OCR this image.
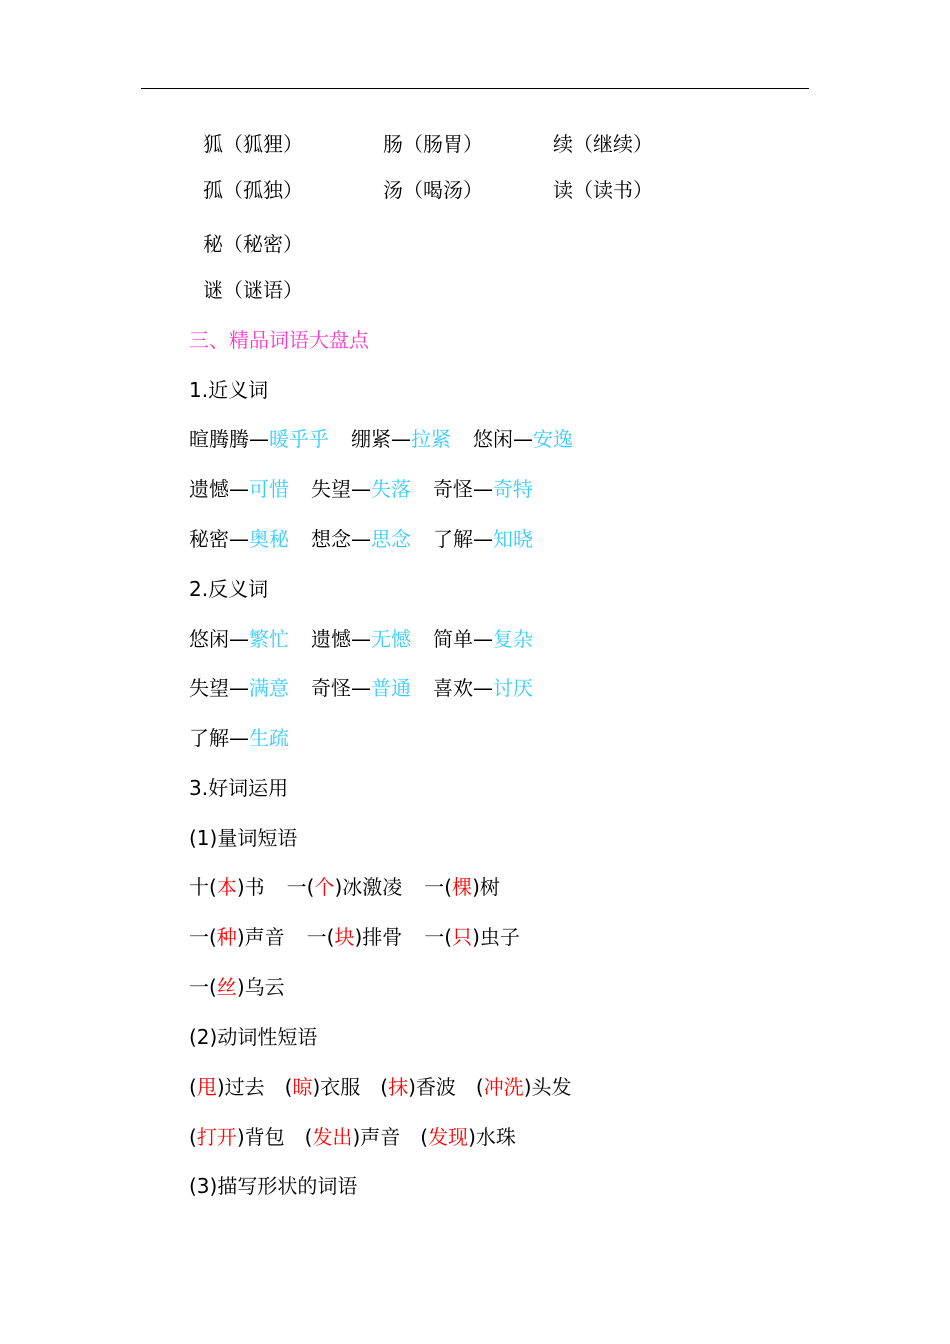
狐（狐狸）	肠（肠胃）	续（继续）
孤（孤独）	汤（喝汤）	读（读书）
秘（秘密）
谜（谜语）
三、精品词语大盘点
1.近义词
暄腾腾—暖乎乎 绷紧—拉紧 悠闲—安逸
遗憾—可惜 失望—失落 奇怪—奇特
秘密—奥秘 想念—思念 了解—知晓
2.反义词
悠闲—繁忙 遗憾—无憾 简单—复杂
失望—满意 奇怪—普通 喜欢—讨厌
了解—生疏
3.好词运用
(1)量词短语
十(本)书 一(个)冰激凌 一(棵)树
一(种)声音 一(块)排骨 一(只)虫子
一(丝)乌云
(2)动词性短语
(甩)过去 (晾)衣服 (抹)香波 (冲洗)头发
(打开)背包 (发出)声音 (发现)水珠
(3)描写形状的词语
